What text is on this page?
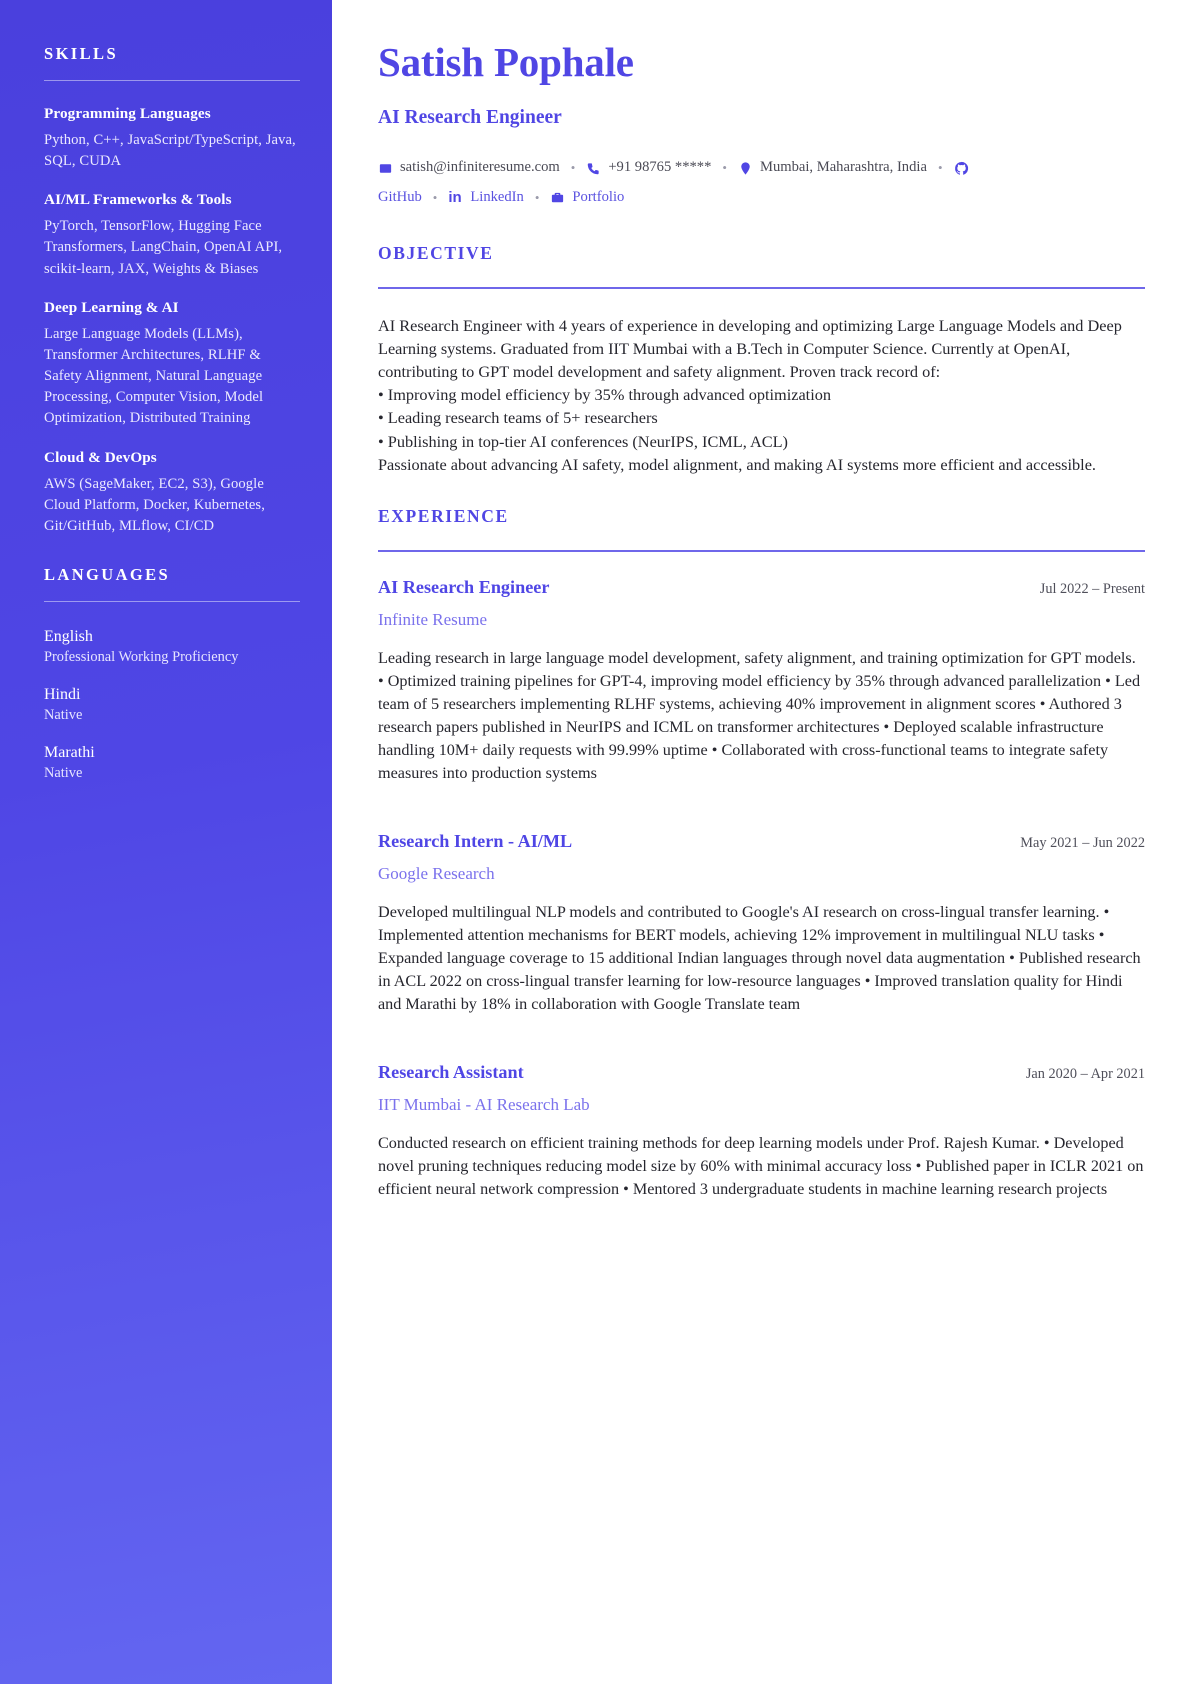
SKILLS
Programming Languages
Python, C++, JavaScript/TypeScript, Java, SQL, CUDA
AI/ML Frameworks & Tools
PyTorch, TensorFlow, Hugging Face Transformers, LangChain, OpenAI API, scikit-learn, JAX, Weights & Biases
Deep Learning & AI
Large Language Models (LLMs), Transformer Architectures, RLHF & Safety Alignment, Natural Language Processing, Computer Vision, Model Optimization, Distributed Training
Cloud & DevOps
AWS (SageMaker, EC2, S3), Google Cloud Platform, Docker, Kubernetes, Git/GitHub, MLflow, CI/CD
LANGUAGES
English
Professional Working Proficiency
Hindi
Native
Marathi
Native
Satish Pophale
AI Research Engineer
satish@infiniteresume.com •	+91 98765 ***** •	Mumbai, Maharashtra, India •
GitHub • in LinkedIn •	Portfolio
OBJECTIVE
AI Research Engineer with 4 years of experience in developing and optimizing Large Language Models and Deep Learning systems. Graduated from IIT Mumbai with a B.Tech in Computer Science. Currently at OpenAI, contributing to GPT model development and safety alignment. Proven track record of:
• Improving model efficiency by 35% through advanced optimization
• Leading research teams of 5+ researchers
• Publishing in top-tier AI conferences (NeurIPS, ICML, ACL)
Passionate about advancing AI safety, model alignment, and making AI systems more efficient and accessible.
EXPERIENCE
AI Research Engineer	Jul 2022 – Present
Infinite Resume
Leading research in large language model development, safety alignment, and training optimization for GPT models. • Optimized training pipelines for GPT-4, improving model efficiency by 35% through advanced parallelization • Led team of 5 researchers implementing RLHF systems, achieving 40% improvement in alignment scores • Authored 3 research papers published in NeurIPS and ICML on transformer architectures • Deployed scalable infrastructure handling 10M+ daily requests with 99.99% uptime • Collaborated with cross-functional teams to integrate safety measures into production systems
Research Intern - AI/ML	May 2021 – Jun 2022
Google Research
Developed multilingual NLP models and contributed to Google's AI research on cross-lingual transfer learning. • Implemented attention mechanisms for BERT models, achieving 12% improvement in multilingual NLU tasks • Expanded language coverage to 15 additional Indian languages through novel data augmentation • Published research in ACL 2022 on cross-lingual transfer learning for low-resource languages • Improved translation quality for Hindi and Marathi by 18% in collaboration with Google Translate team
Research Assistant	Jan 2020 – Apr 2021
IIT Mumbai - AI Research Lab
Conducted research on efficient training methods for deep learning models under Prof. Rajesh Kumar. • Developed novel pruning techniques reducing model size by 60% with minimal accuracy loss • Published paper in ICLR 2021 on efficient neural network compression • Mentored 3 undergraduate students in machine learning research projects
